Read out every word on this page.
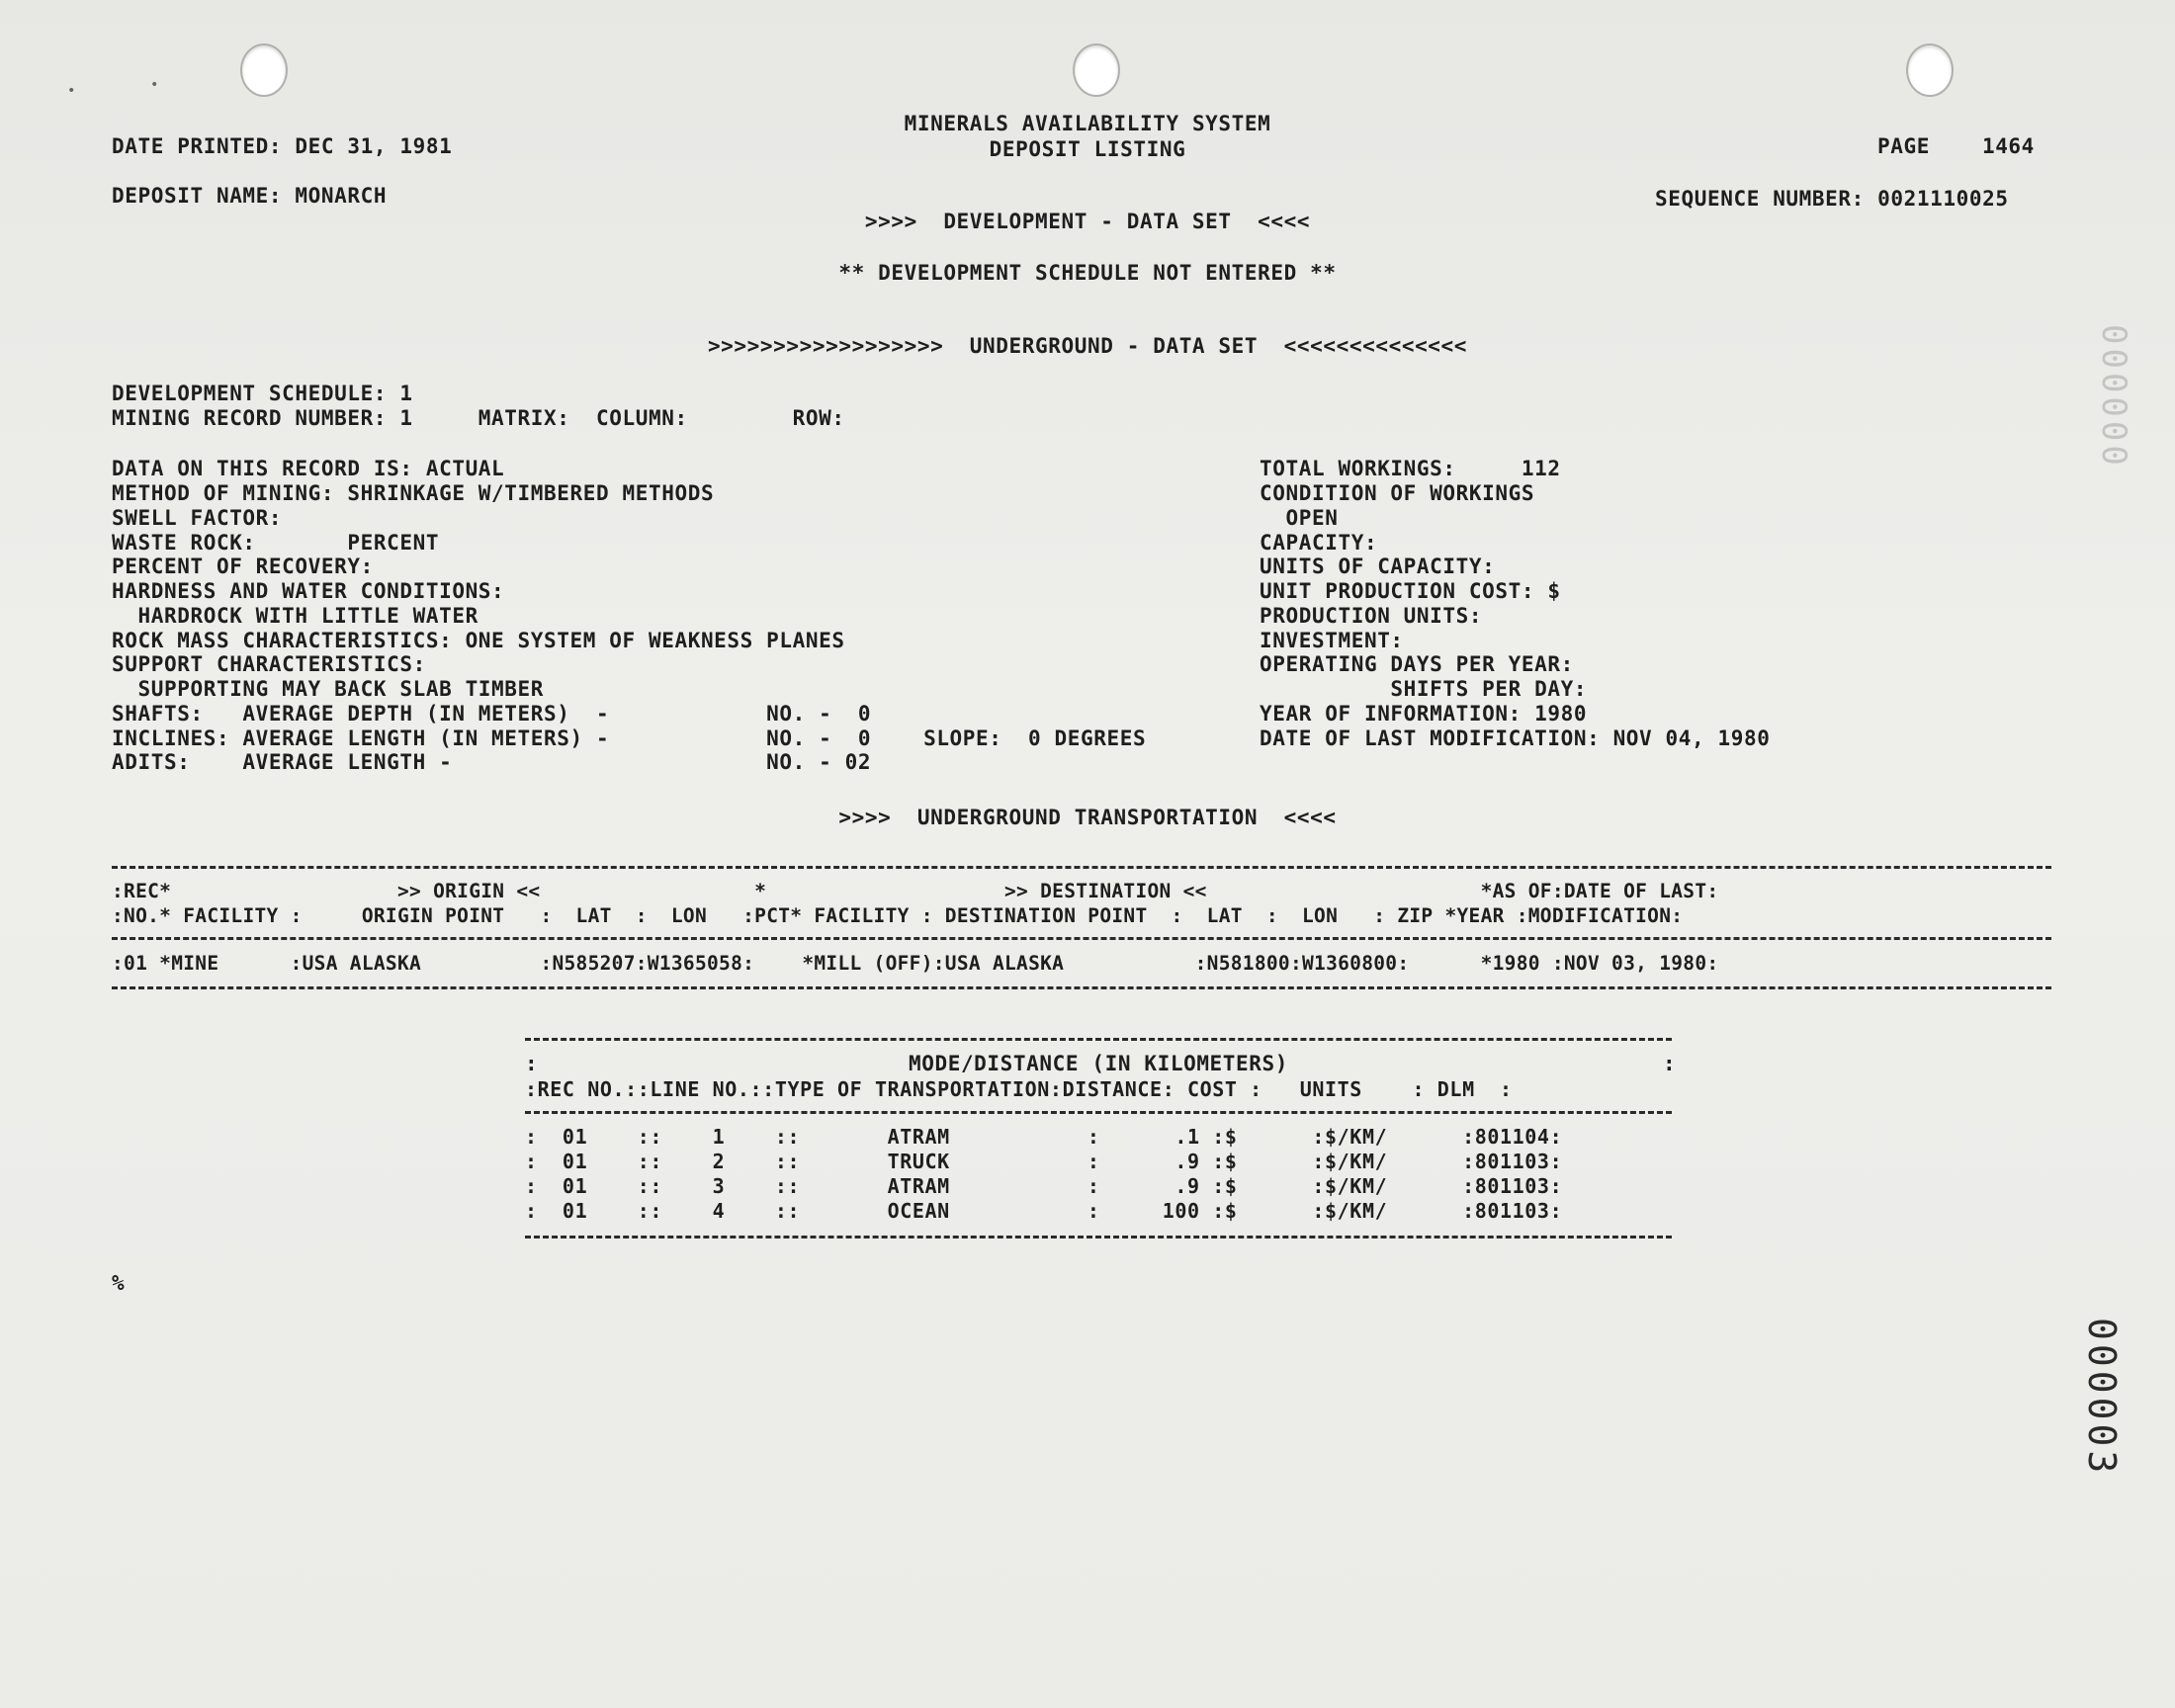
•	•
MINERALS AVAILABILITY SYSTEM
DEPOSIT LISTING
DATE PRINTED: DEC 31, 1981	PAGE    1464
DEPOSIT NAME: MONARCH	SEQUENCE NUMBER: 0021110025
>>>>  DEVELOPMENT - DATA SET  <<<<
** DEVELOPMENT SCHEDULE NOT ENTERED **
>>>>>>>>>>>>>>>>>>  UNDERGROUND - DATA SET  <<<<<<<<<<<<<<
DEVELOPMENT SCHEDULE: 1
MINING RECORD NUMBER: 1     MATRIX:  COLUMN:        ROW:
DATA ON THIS RECORD IS: ACTUAL
METHOD OF MINING: SHRINKAGE W/TIMBERED METHODS
SWELL FACTOR:
WASTE ROCK:       PERCENT
PERCENT OF RECOVERY:
HARDNESS AND WATER CONDITIONS:
HARDROCK WITH LITTLE WATER
ROCK MASS CHARACTERISTICS: ONE SYSTEM OF WEAKNESS PLANES
SUPPORT CHARACTERISTICS:
SUPPORTING MAY BACK SLAB TIMBER
SHAFTS:   AVERAGE DEPTH (IN METERS)  -            NO. -  0
INCLINES: AVERAGE LENGTH (IN METERS) -            NO. -  0    SLOPE:  0 DEGREES
ADITS:    AVERAGE LENGTH -                        NO. - 02
TOTAL WORKINGS:     112
CONDITION OF WORKINGS
OPEN
CAPACITY:
UNITS OF CAPACITY:
UNIT PRODUCTION COST: $
PRODUCTION UNITS:
INVESTMENT:
OPERATING DAYS PER YEAR:
SHIFTS PER DAY:
YEAR OF INFORMATION: 1980
DATE OF LAST MODIFICATION: NOV 04, 1980
>>>>  UNDERGROUND TRANSPORTATION  <<<<
:REC*                   >> ORIGIN <<                  *                    >> DESTINATION <<                       *AS OF:DATE OF LAST:
:NO.* FACILITY :     ORIGIN POINT   :  LAT  :  LON   :PCT* FACILITY : DESTINATION POINT  :  LAT  :  LON   : ZIP *YEAR :MODIFICATION:
:01 *MINE      :USA ALASKA          :N585207:W1365058:    *MILL (OFF):USA ALASKA           :N581800:W1360800:      *1980 :NOV 03, 1980:
MODE/DISTANCE (IN KILOMETERS)
:	:
:REC NO.::LINE NO.::TYPE OF TRANSPORTATION:DISTANCE: COST :   UNITS    : DLM  :
:  01    ::    1    ::       ATRAM           :      .1 :$      :$/KM/      :801104:
:  01    ::    2    ::       TRUCK           :      .9 :$      :$/KM/      :801103:
:  01    ::    3    ::       ATRAM           :      .9 :$      :$/KM/      :801103:
:  01    ::    4    ::       OCEAN           :     100 :$      :$/KM/      :801103:
%
000000
000003
